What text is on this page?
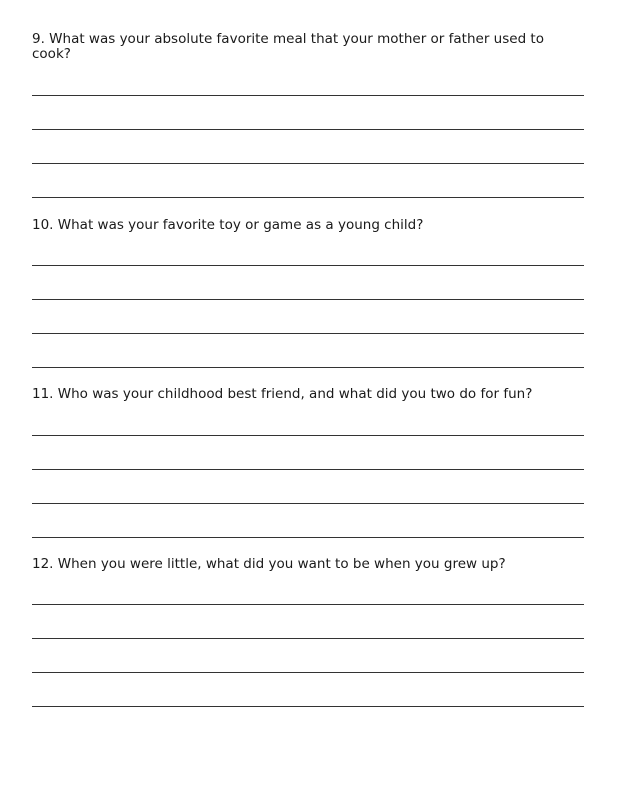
9. What was your absolute favorite meal that your mother or father used to cook?

10. What was your favorite toy or game as a young child?

11. Who was your childhood best friend, and what did you two do for fun?

12. When you were little, what did you want to be when you grew up?
